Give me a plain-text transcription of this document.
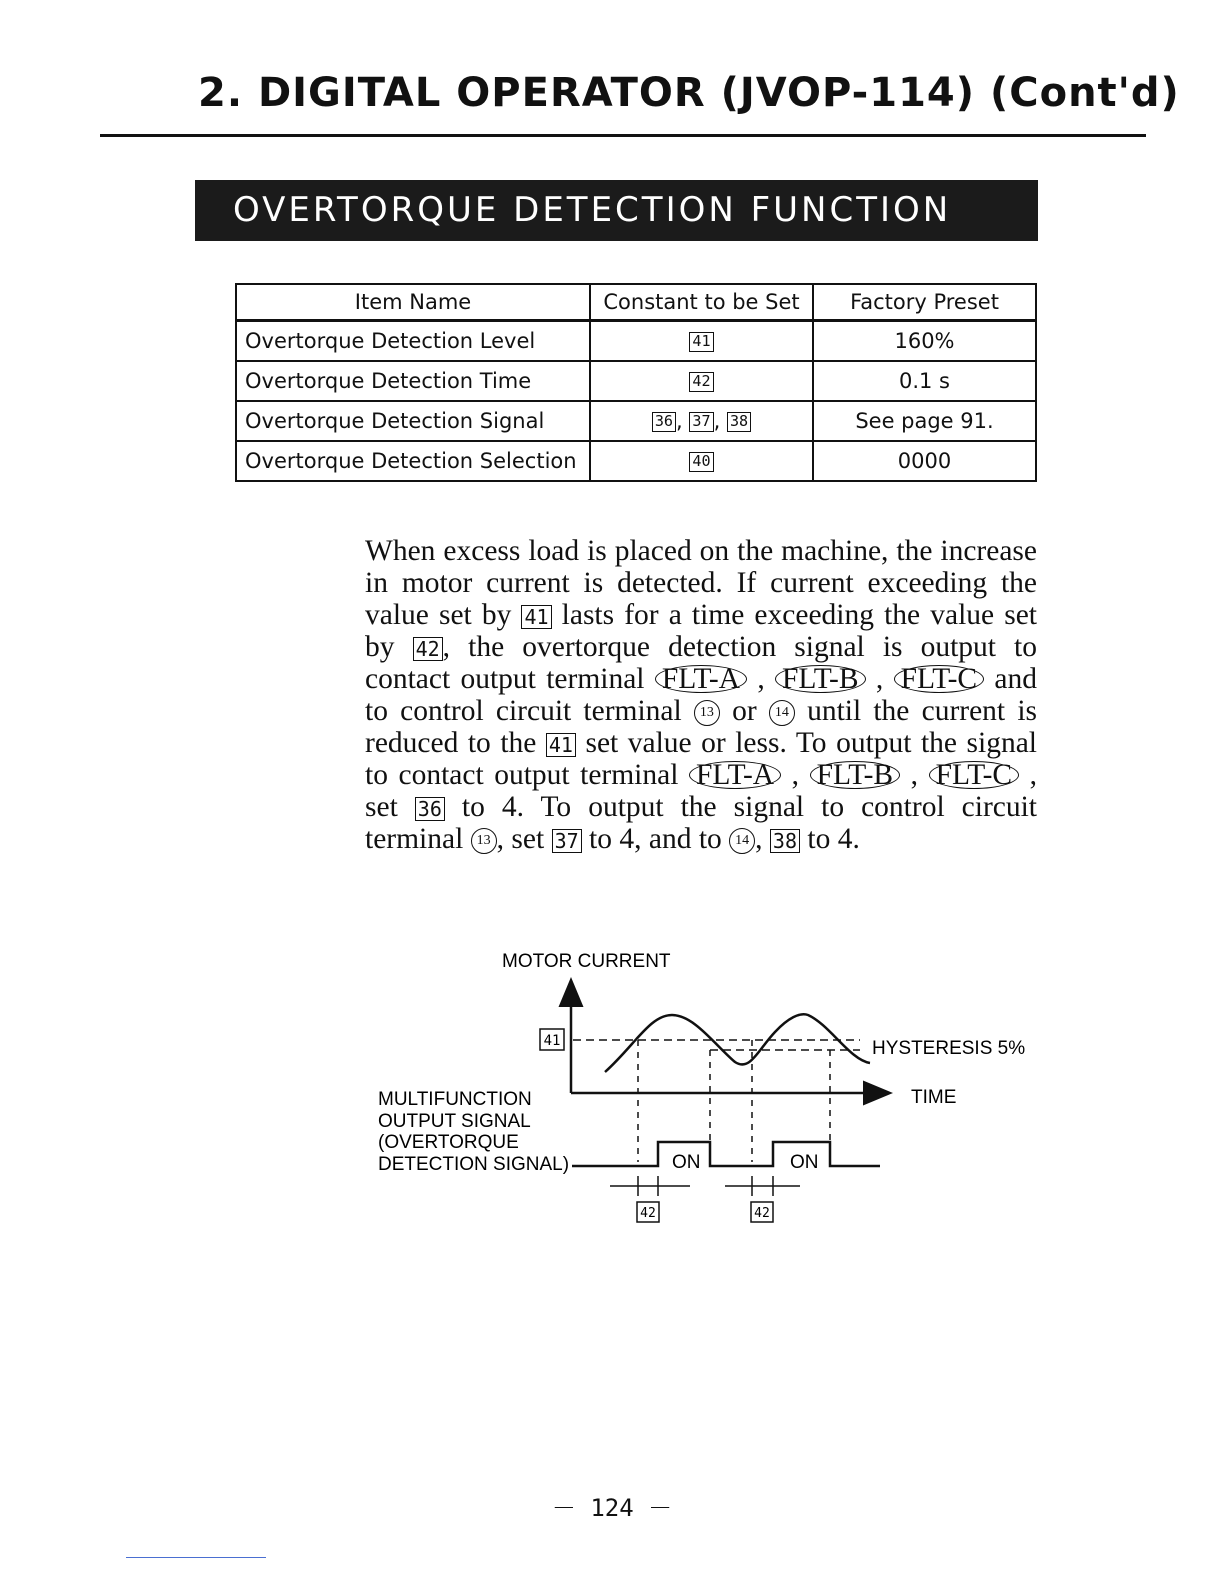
2. DIGITAL OPERATOR (JVOP-114) (Cont'd)
OVERTORQUE DETECTION FUNCTION
Item Name	Constant to be Set	Factory Preset
Overtorque Detection Level	41	160%
Overtorque Detection Time	42	0.1 s
Overtorque Detection Signal	36 , 37 , 38	See page 91.
Overtorque Detection Selection	40	0000

When excess load is placed on the machine, the increase in motor current is detected. If current exceeding the value set by 41 lasts for a time exceeding the value set by 42 , the overtorque detection signal is output to contact output terminal FLT-A , FLT-B , FLT-C and to control circuit terminal 13 or 14 until the current is reduced to the 41 set value or less. To output the signal to contact output terminal FLT-A , FLT-B , FLT-C , set 36 to 4. To output the signal to control circuit terminal 13 , set 37 to 4, and to 14 , 38 to 4.

MOTOR CURRENT
TIME
41	HYSTERESIS 5%
MULTIFUNCTION
OUTPUT SIGNAL
(OVERTORQUE
DETECTION SIGNAL)	ON	ON
42	42
－ 124 －
